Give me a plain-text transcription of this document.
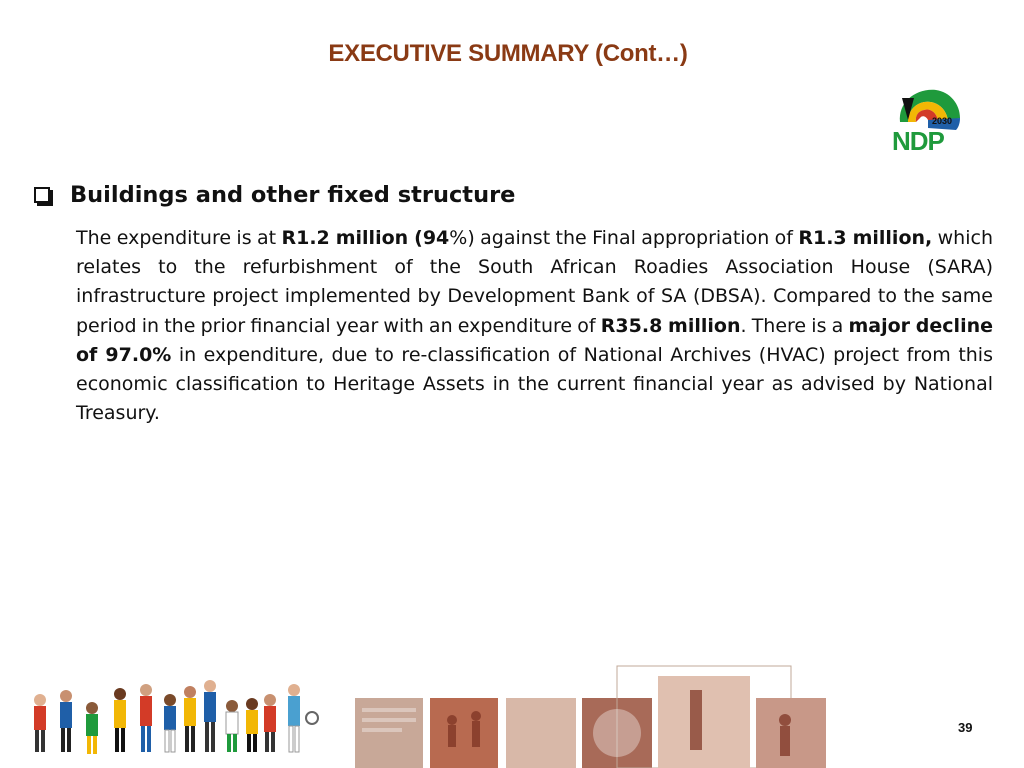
EXECUTIVE SUMMARY (Cont…)
2030
NDP
Buildings and other fixed structure

The expenditure is at R1.2 million (94%) against the Final appropriation of R1.3 million, which relates to the refurbishment of the South African Roadies Association House (SARA) infrastructure project implemented by Development Bank of SA (DBSA). Compared to the same period in the prior financial year with an expenditure of R35.8 million. There is a major decline of 97.0% in expenditure, due to re-classification of National Archives (HVAC) project from this economic classification to Heritage Assets in the current financial year as advised by National Treasury.

39
